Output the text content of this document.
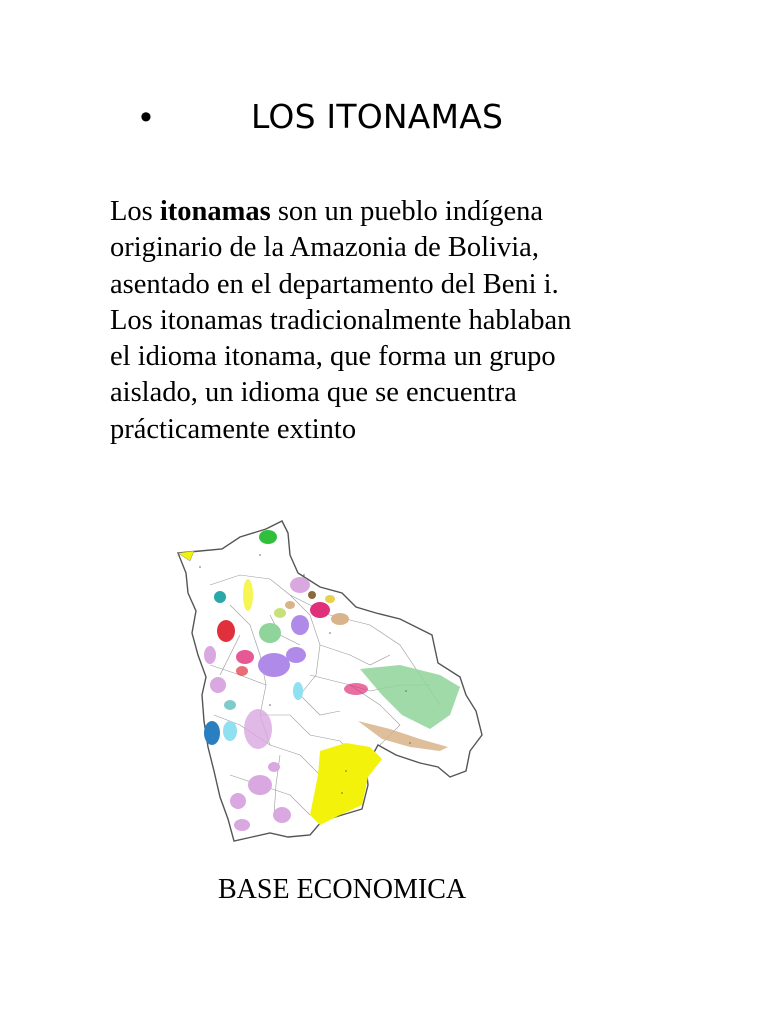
•	LOS ITONAMAS
Los itonamas son un pueblo indígena
originario de la Amazonia de Bolivia,
asentado en el departamento del Beni i.
Los itonamas tradicionalmente hablaban
el idioma itonama, que forma un grupo
aislado, un idioma que se encuentra
prácticamente extinto
BASE ECONOMICA
